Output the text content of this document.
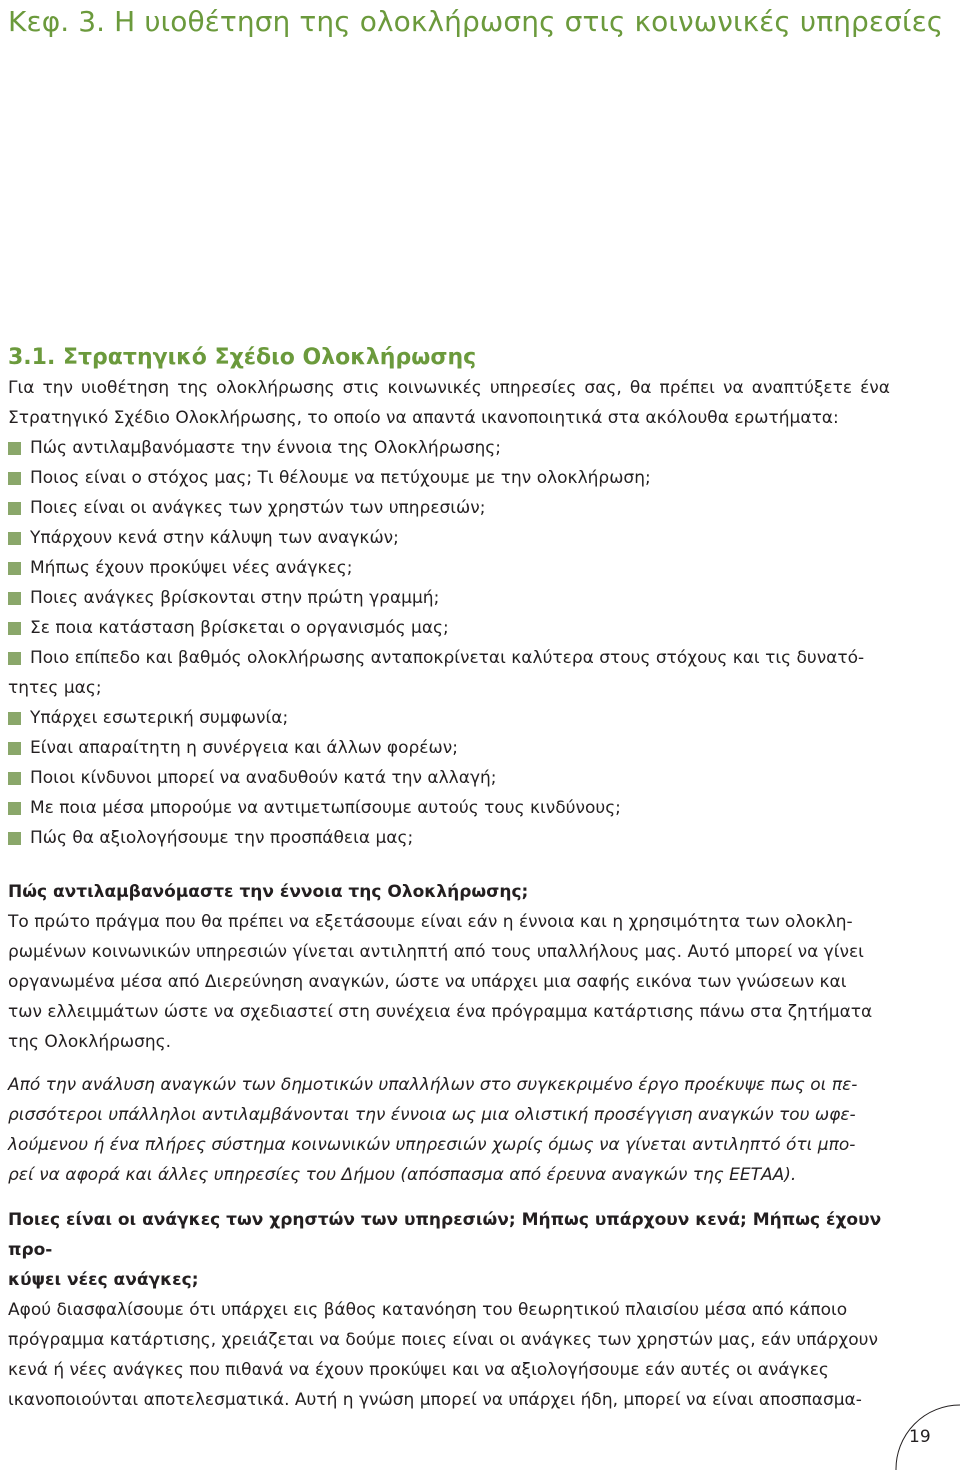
Κεφ. 3. Η υιοθέτηση της ολοκλήρωσης στις κοινωνικές υπηρεσίες
3.1. Στρατηγικό Σχέδιο Ολοκλήρωσης

Για την υιοθέτηση της ολοκλήρωσης στις κοινωνικές υπηρεσίες σας, θα πρέπει να αναπτύξετε ένα Στρατηγικό Σχέδιο Ολοκλήρωσης, το οποίο να απαντά ικανοποιητικά στα ακόλουθα ερωτήματα:

Πώς αντιλαμβανόμαστε την έννοια της Ολοκλήρωσης;
Ποιος είναι ο στόχος μας; Τι θέλουμε να πετύχουμε με την ολοκλήρωση;
Ποιες είναι οι ανάγκες των χρηστών των υπηρεσιών;
Υπάρχουν κενά στην κάλυψη των αναγκών;
Μήπως έχουν προκύψει νέες ανάγκες;
Ποιες ανάγκες βρίσκονται στην πρώτη γραμμή;
Σε ποια κατάσταση βρίσκεται ο οργανισμός μας;
Ποιο επίπεδο και βαθμός ολοκλήρωσης ανταποκρίνεται καλύτερα στους στόχους και τις δυνατό-
τητες μας;
Υπάρχει εσωτερική συμφωνία;
Είναι απαραίτητη η συνέργεια και άλλων φορέων;
Ποιοι κίνδυνοι μπορεί να αναδυθούν κατά την αλλαγή;
Με ποια μέσα μπορούμε να αντιμετωπίσουμε αυτούς τους κινδύνους;
Πώς θα αξιολογήσουμε την προσπάθεια μας;

Πώς αντιλαμβανόμαστε την έννοια της Ολοκλήρωσης;

Το πρώτο πράγμα που θα πρέπει να εξετάσουμε είναι εάν η έννοια και η χρησιμότητα των ολοκλη-
ρωμένων κοινωνικών υπηρεσιών γίνεται αντιληπτή από τους υπαλλήλους μας. Αυτό μπορεί να γίνει
οργανωμένα μέσα από Διερεύνηση αναγκών, ώστε να υπάρχει μια σαφής εικόνα των γνώσεων και
των ελλειμμάτων ώστε να σχεδιαστεί στη συνέχεια ένα πρόγραμμα κατάρτισης πάνω στα ζητήματα
της Ολοκλήρωσης.
Από την ανάλυση αναγκών των δημοτικών υπαλλήλων στο συγκεκριμένο έργο προέκυψε πως οι πε-
ρισσότεροι υπάλληλοι αντιλαμβάνονται την έννοια ως μια ολιστική προσέγγιση αναγκών του ωφε-
λούμενου ή ένα πλήρες σύστημα κοινωνικών υπηρεσιών χωρίς όμως να γίνεται αντιληπτό ότι μπο-
ρεί να αφορά και άλλες υπηρεσίες του Δήμου (απόσπασμα από έρευνα αναγκών της ΕΕΤΑΑ).
Ποιες είναι οι ανάγκες των χρηστών των υπηρεσιών; Μήπως υπάρχουν κενά; Μήπως έχουν προ-
κύψει νέες ανάγκες;
Αφού διασφαλίσουμε ότι υπάρχει εις βάθος κατανόηση του θεωρητικού πλαισίου μέσα από κάποιο
πρόγραμμα κατάρτισης, χρειάζεται να δούμε ποιες είναι οι ανάγκες των χρηστών μας, εάν υπάρχουν
κενά ή νέες ανάγκες που πιθανά να έχουν προκύψει και να αξιολογήσουμε εάν αυτές οι ανάγκες
ικανοποιούνται αποτελεσματικά. Αυτή η γνώση μπορεί να υπάρχει ήδη, μπορεί να είναι αποσπασμα-
19
